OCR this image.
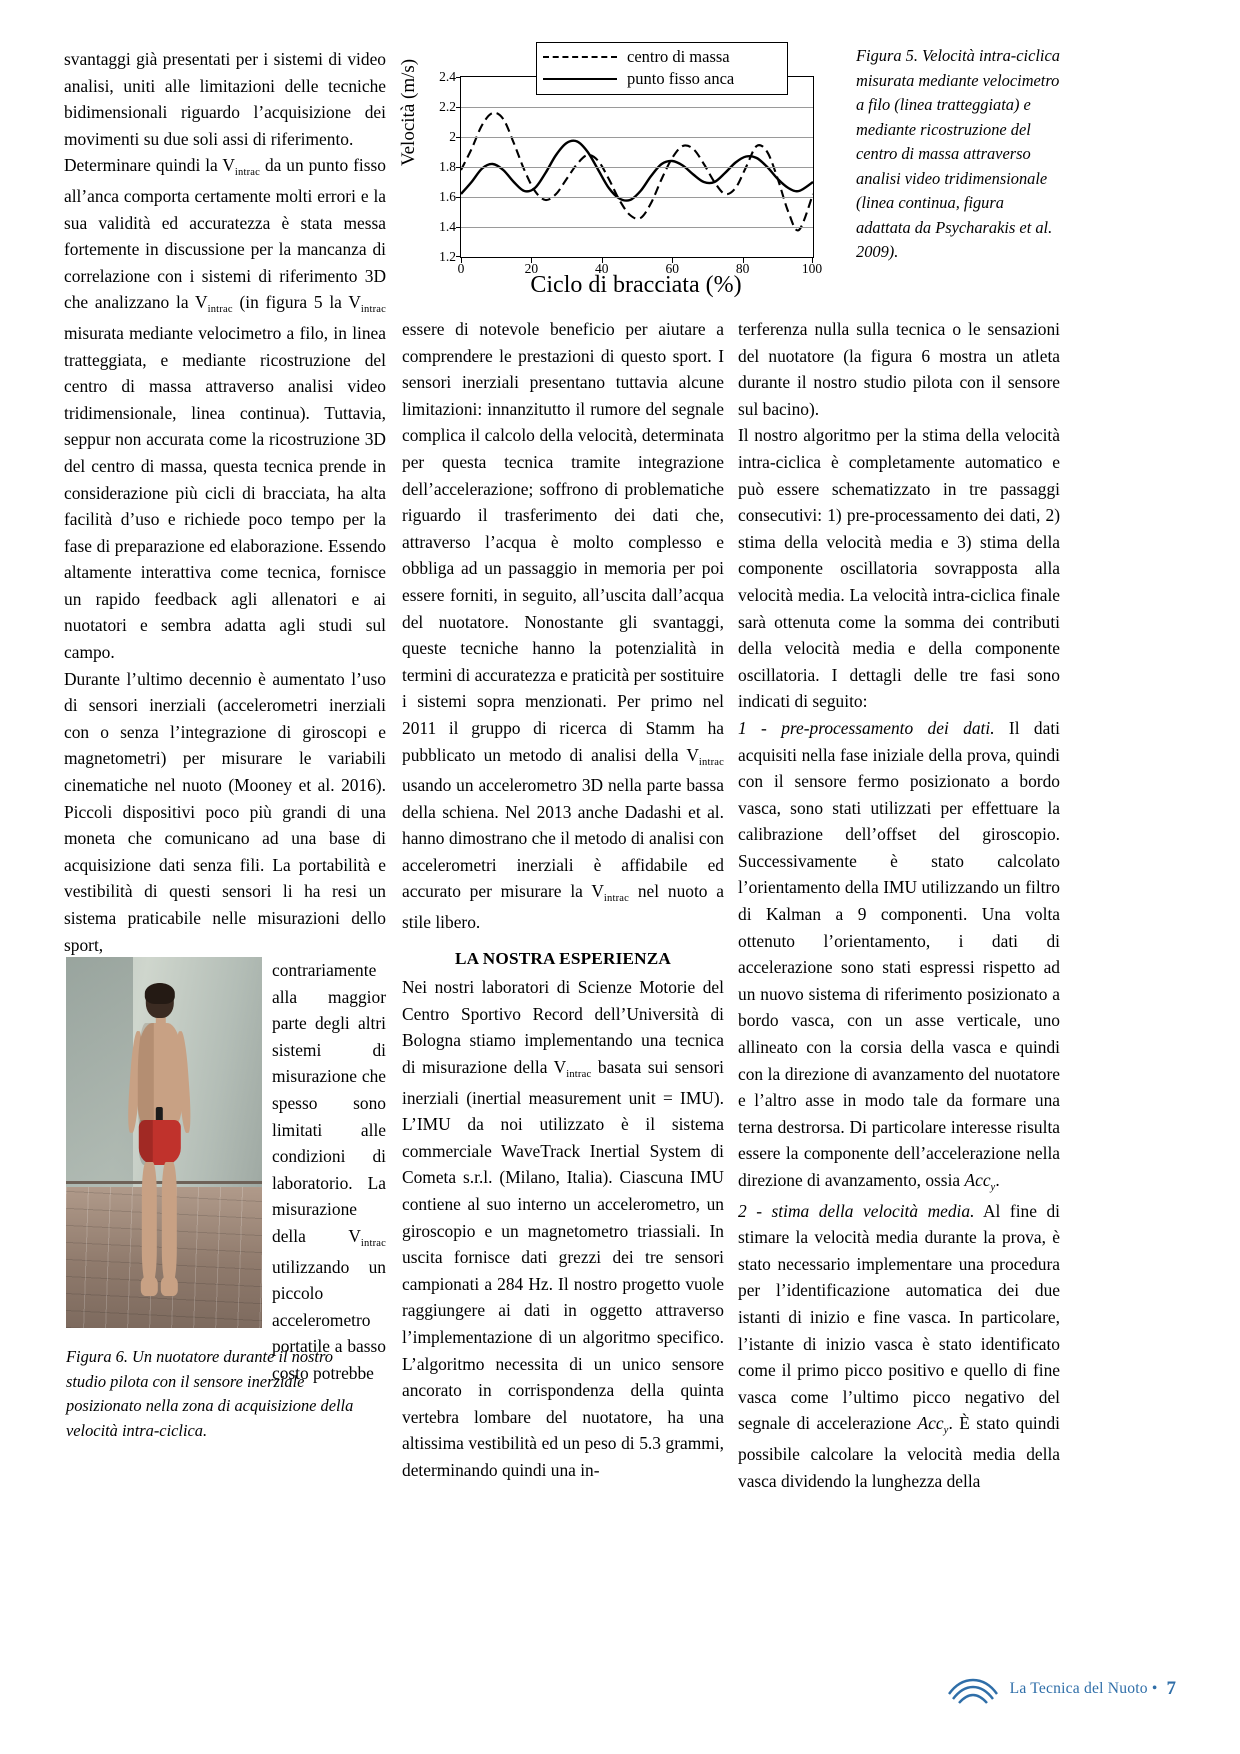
Velocità (m/s)
1.2
1.4
1.6
1.8
2
2.2
2.4
0	20	40	60	80	100
centro di massa
punto fisso anca
Ciclo di bracciata (%)
Figura 5. Velocità intra-ciclica misurata mediante velocimetro a filo (linea tratteggiata) e mediante ricostruzione del centro di massa attraverso analisi video tridimensionale (linea continua, figura adattata da Psycharakis et al. 2009).

svantaggi già presentati per i sistemi di video analisi, uniti alle limitazioni delle tecniche bidimensionali riguardo l’acquisizione dei movimenti su due soli assi di riferimento.

Determinare quindi la $V_{intrac}$ da un punto fisso all’anca comporta certamente molti errori e la sua validità ed accuratezza è stata messa fortemente in discussione per la mancanza di correlazione con i sistemi di riferimento 3D che analizzano la $V_{intrac}$ (in figura 5 la $V_{intrac}$ misurata mediante velocimetro a filo, in linea tratteggiata, e mediante ricostruzione del centro di massa attraverso analisi video tridimensionale, linea continua). Tuttavia, seppur non accurata come la ricostruzione 3D del centro di massa, questa tecnica prende in considerazione più cicli di bracciata, ha alta facilità d’uso e richiede poco tempo per la fase di preparazione ed elaborazione. Essendo altamente interattiva come tecnica, fornisce un rapido feedback agli allenatori e ai nuotatori e sembra adatta agli studi sul campo.

Durante l’ultimo decennio è aumentato l’uso di sensori inerziali (accelerometri inerziali con o senza l’integrazione di giroscopi e magnetometri) per misurare le variabili cinematiche nel nuoto (Mooney et al. 2016). Piccoli dispositivi poco più grandi di una moneta che comunicano ad una base di acquisizione dati senza fili. La portabilità e vestibilità di questi sensori li ha resi un sistema praticabile nelle misurazioni dello sport,

contrariamente alla maggior parte degli altri sistemi di misurazione che spesso sono limitati alle condizioni di laboratorio. La misurazione della $V_{intrac}$ utilizzando un piccolo accelerometro portatile a basso costo potrebbe

Figura 6. Un nuotatore durante il nostro studio pilota con il sensore inerziale posizionato nella zona di acquisizione della velocità intra-ciclica.

essere di notevole beneficio per aiutare a comprendere le prestazioni di questo sport. I sensori inerziali presentano tuttavia alcune limitazioni: innanzitutto il rumore del segnale complica il calcolo della velocità, determinata per questa tecnica tramite integrazione dell’accelerazione; soffrono di problematiche riguardo il trasferimento dei dati che, attraverso l’acqua è molto complesso e obbliga ad un passaggio in memoria per poi essere forniti, in seguito, all’uscita dall’acqua del nuotatore. Nonostante gli svantaggi, queste tecniche hanno la potenzialità in termini di accuratezza e praticità per sostituire i sistemi sopra menzionati. Per primo nel 2011 il gruppo di ricerca di Stamm ha pubblicato un metodo di analisi della $V_{intrac}$ usando un accelerometro 3D nella parte bassa della schiena. Nel 2013 anche Dadashi et al. hanno dimostrano che il metodo di analisi con accelerometri inerziali è affidabile ed accurato per misurare la $V_{intrac}$ nel nuoto a stile libero.

LA NOSTRA ESPERIENZA

Nei nostri laboratori di Scienze Motorie del Centro Sportivo Record dell’Università di Bologna stiamo implementando una tecnica di misurazione della $V_{intrac}$ basata sui sensori inerziali (inertial measurement unit = IMU). L’IMU da noi utilizzato è il sistema commerciale WaveTrack Inertial System di Cometa s.r.l. (Milano, Italia). Ciascuna IMU contiene al suo interno un accelerometro, un giroscopio e un magnetometro triassiali. In uscita fornisce dati grezzi dei tre sensori campionati a 284 Hz. Il nostro progetto vuole raggiungere ai dati in oggetto attraverso l’implementazione di un algoritmo specifico. L’algoritmo necessita di un unico sensore ancorato in corrispondenza della quinta vertebra lombare del nuotatore, ha una altissima vestibilità ed un peso di 5.3 grammi, determinando quindi una in-

terferenza nulla sulla tecnica o le sensazioni del nuotatore (la figura 6 mostra un atleta durante il nostro studio pilota con il sensore sul bacino).

Il nostro algoritmo per la stima della velocità intra-ciclica è completamente automatico e può essere schematizzato in tre passaggi consecutivi: 1) pre-processamento dei dati, 2) stima della velocità media e 3) stima della componente oscillatoria sovrapposta alla velocità media. La velocità intra-ciclica finale sarà ottenuta come la somma dei contributi della velocità media e della componente oscillatoria. I dettagli delle tre fasi sono indicati di seguito:

1 - pre-processamento dei dati. Il dati acquisiti nella fase iniziale della prova, quindi con il sensore fermo posizionato a bordo vasca, sono stati utilizzati per effettuare la calibrazione dell’offset del giroscopio. Successivamente è stato calcolato l’orientamento della IMU utilizzando un filtro di Kalman a 9 componenti. Una volta ottenuto l’orientamento, i dati di accelerazione sono stati espressi rispetto ad un nuovo sistema di riferimento posizionato a bordo vasca, con un asse verticale, uno allineato con la corsia della vasca e quindi con la direzione di avanzamento del nuotatore e l’altro asse in modo tale da formare una terna destrorsa. Di particolare interesse risulta essere la componente dell’accelerazione nella direzione di avanzamento, ossia Acc$_y$.

2 - stima della velocità media. Al fine di stimare la velocità media durante la prova, è stato necessario implementare una procedura per l’identificazione automatica dei due istanti di inizio e fine vasca. In particolare, l’istante di inizio vasca è stato identificato come il primo picco positivo e quello di fine vasca come l’ultimo picco negativo del segnale di accelerazione Acc$_y$. È stato quindi possibile calcolare la velocità media della vasca dividendo la lunghezza della

La Tecnica del Nuoto • 7
